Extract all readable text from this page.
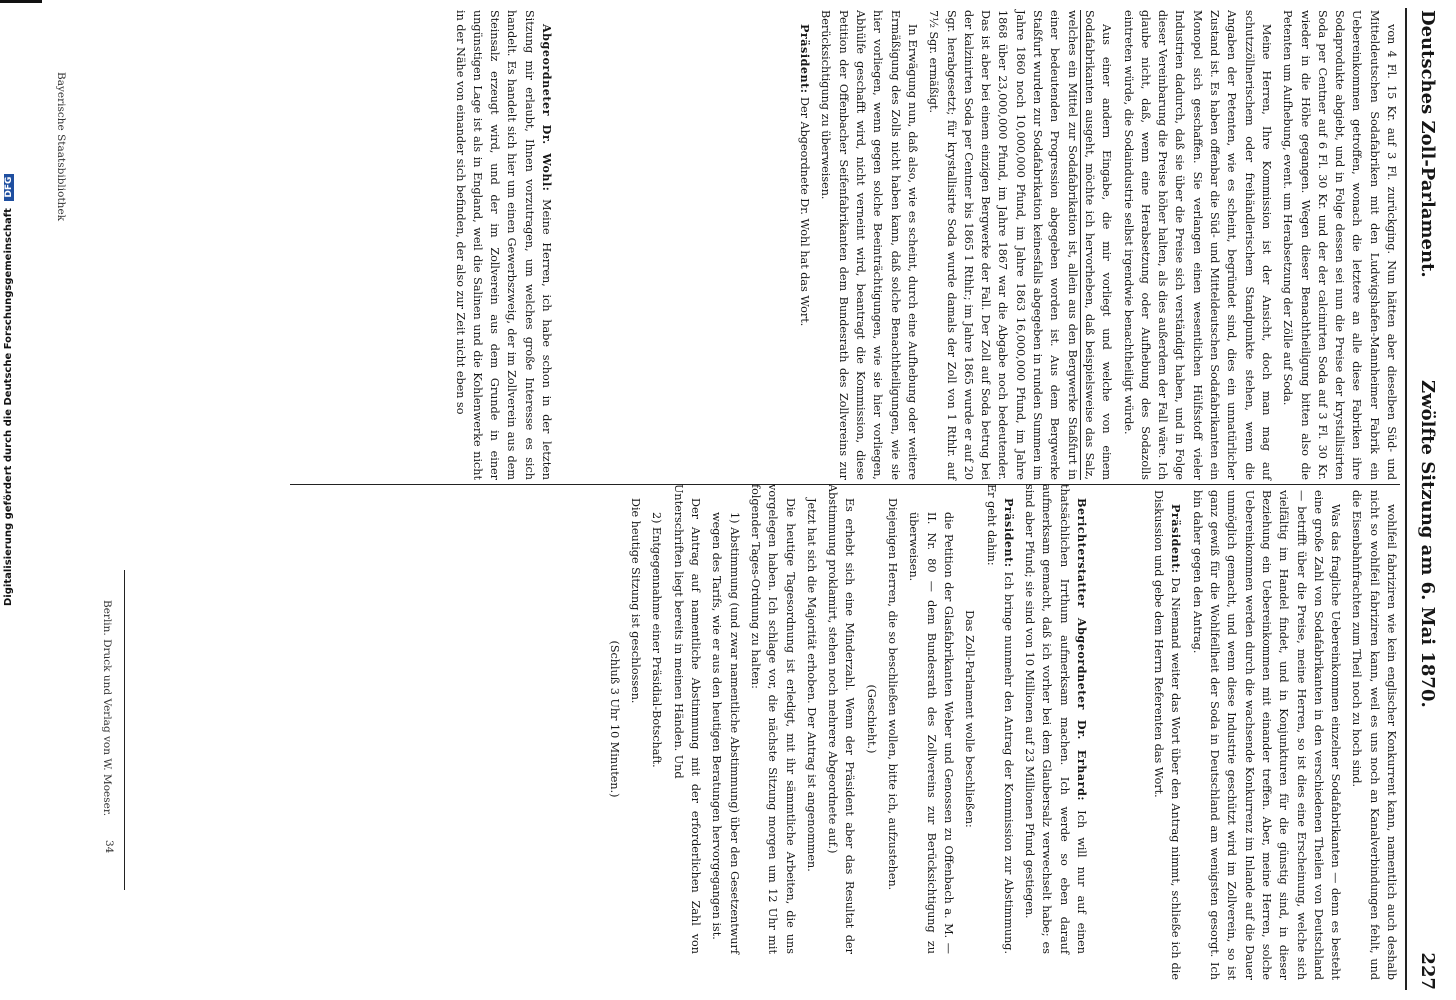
Deutsches Zoll-Parlament.
Zwölfte Sitzung am 6. Mai 1870.
227

wohlfeil fabriziren wie kein englischer Konkurrent kann, namentlich auch deshalb nicht so wohlfeil fabriziren kann, weil es uns noch an Kanalverbindungen fehlt, und die Eisenbahnfrachten zum Theil noch zu hoch sind.

Was das fragliche Uebereinkommen einzelner Sodafabrikanten — denn es besteht eine große Zahl von Sodafabrikanten in den verschiedenen Theilen von Deutschland — betrifft über die Preise, meine Herren, so ist dies eine Erscheinung, welche sich vielfältig im Handel findet, und in Konjunkturen für die günstig sind, in dieser Beziehung ein Uebereinkommen mit einander treffen. Aber, meine Herren, solche Uebereinkommen werden durch die wachsende Konkurrenz im Inlande auf die Dauer unmöglich gemacht, und wenn diese Industrie geschützt wird im Zollverein, so ist ganz gewiß für die Wohlfeilheit der Soda in Deutschland am wenigsten gesorgt. Ich bin daher gegen den Antrag.

Präsident: Da Niemand weiter das Wort über den Antrag nimmt, schließe ich die Diskussion und gebe dem Herrn Referenten das Wort.

Berichterstatter Abgeordneter Dr. Erhard: Ich will nur auf einen thatsächlichen Irrthum aufmerksam machen. Ich werde so eben darauf aufmerksam gemacht, daß ich vorher bei dem Glaubersalz verwechselt habe; es sind aber Pfund; sie sind von 10 Millionen auf 23 Millionen Pfund gestiegen.

Präsident: Ich bringe nunmehr den Antrag der Kommission zur Abstimmung. Er geht dahin:

Das Zoll-Parlament wolle beschließen:

die Petition der Glasfabrikanten Weber und Genossen zu Offenbach a. M. — II. Nr. 80 — dem Bundesrath des Zollvereins zur Berücksichtigung zu überweisen.

Diejenigen Herren, die so beschließen wollen, bitte ich, aufzustehen.

(Geschieht.)

Es erhebt sich eine Minderzahl. Wenn der Präsident aber das Resultat der Abstimmung proklamirt, stehen noch mehrere Abgeordnete auf.)

Jetzt hat sich die Majorität erhoben. Der Antrag ist angenommen.

Die heutige Tagesordnung ist erledigt, mit ihr sämmtliche Arbeiten, die uns vorgelegen haben. Ich schlage vor, die nächste Sitzung morgen um 12 Uhr mit folgender Tages-Ordnung zu halten:

1) Abstimmung (und zwar namentliche Abstimmung) über den Gesetzentwurf wegen des Tarifs, wie er aus den heutigen Beratungen hervorgegangen ist.

Der Antrag auf namentliche Abstimmung mit der erforderlichen Zahl von Unterschriften liegt bereits in meinen Händen. Und

2) Entgegennahme einer Präsidial-Botschaft.

Die heutige Sitzung ist geschlossen.

(Schluß 3 Uhr 10 Minuten.)

von 4 Fl. 15 Kr. auf 3 Fl. zurückging. Nun hätten aber dieselben Süd- und Mitteldeutschen Sodafabriken mit den Ludwigshafen-Mannheimer Fabrik ein Uebereinkommen getroffen, wonach die letztere an alle diese Fabriken ihre Sodaprodukte abgiebt, und in Folge dessen sei nun die Preise der krystallisirten Soda per Centner auf 6 Fl. 30 Kr. und der der calcinirten Soda auf 3 Fl. 30 Kr. wieder in die Höhe gegangen. Wegen dieser Benachtheiligung bitten also die Petenten um Aufhebung, event. um Herabsetzung der Zölle auf Soda.

Meine Herren, Ihre Kommission ist der Ansicht, doch man mag auf schutzzöllnerischem oder freihändlerischem Standpunkte stehen, wenn die Angaben der Petenten, wie es scheint, begründet sind, dies ein unnatürlicher Zustand ist. Es haben offenbar die Süd- und Mitteldeutschen Sodafabrikanten ein Monopol sich geschaffen. Sie verlangen einen wesentlichen Hülfsstoff vieler Industrien dadurch, daß sie über die Preise sich verständigt haben, und in Folge dieser Vereinbarung die Preise höher halten, als dies außerdem der Fall wäre. Ich glaube nicht, daß, wenn eine Herabsetzung oder Aufhebung des Sodazolls eintreten würde, die Sodaindustrie selbst irgendwie benachtheiligt würde.

Aus einer andern Eingabe, die mir vorliegt und welche von einem Sodafabrikanten ausgeht, möchte ich hervorheben, daß beispielsweise das Salz, welches ein Mittel zur Sodafabrikation ist, allein aus den Bergwerke Staßfurt in einer bedeutenden Progression abgegeben worden ist. Aus dem Bergwerke Staßfurt wurden zur Sodafabrikation keinesfalls abgegeben in runden Summen im Jahre 1860 noch 10,000,000 Pfund, im Jahre 1863 16,000,000 Pfund, im Jahre 1868 über 23,000,000 Pfund, im Jahre 1867 war die Abgabe noch bedeutender. Das ist aber bei einem einzigen Bergwerke der Fall. Der Zoll auf Soda betrug bei der kalzinirten Soda per Centner bis 1865 1 Rthlr.; im Jahre 1865 wurde er auf 20 Sgr. herabgesetzt; für krystallisirte Soda wurde damals der Zoll von 1 Rthlr. auf 7½ Sgr. ermäßigt.

In Erwägung nun, daß also, wie es scheint, durch eine Aufhebung oder weitere Ermäßigung des Zolls nicht haben kann, daß solche Benachtheiligungen, wie sie hier vorliegen, wenn gegen solche Beeinträchtigungen, wie sie hier vorliegen, Abhülfe geschafft wird, nicht verneint wird, beantragt die Kommission, diese Petition der Offenbacher Seifenfabrikanten dem Bundesrath des Zollvereins zur Berücksichtigung zu überweisen.

Präsident: Der Abgeordnete Dr. Wohl hat das Wort.

Abgeordneter Dr. Wohl: Meine Herren, ich habe schon in der letzten Sitzung mir erlaubt, Ihnen vorzutragen, um welches große Interesse es sich handelt. Es handelt sich hier um einen Gewerbszweig, der im Zollverein aus dem Steinsalz erzeugt wird, und der im Zollverein aus dem Grunde in einer ungünstigen Lage ist als in England, weil die Salinen und die Kohlenwerke nicht in der Nähe von einander sich befinden, der also zur Zeit nicht eben so

Bayerische Staatsbibliothek
Berlin. Druck und Verlag von W. Moeser.
34
Digitalisierung gefördert durch die Deutsche Forschungsgemeinschaft DFG
